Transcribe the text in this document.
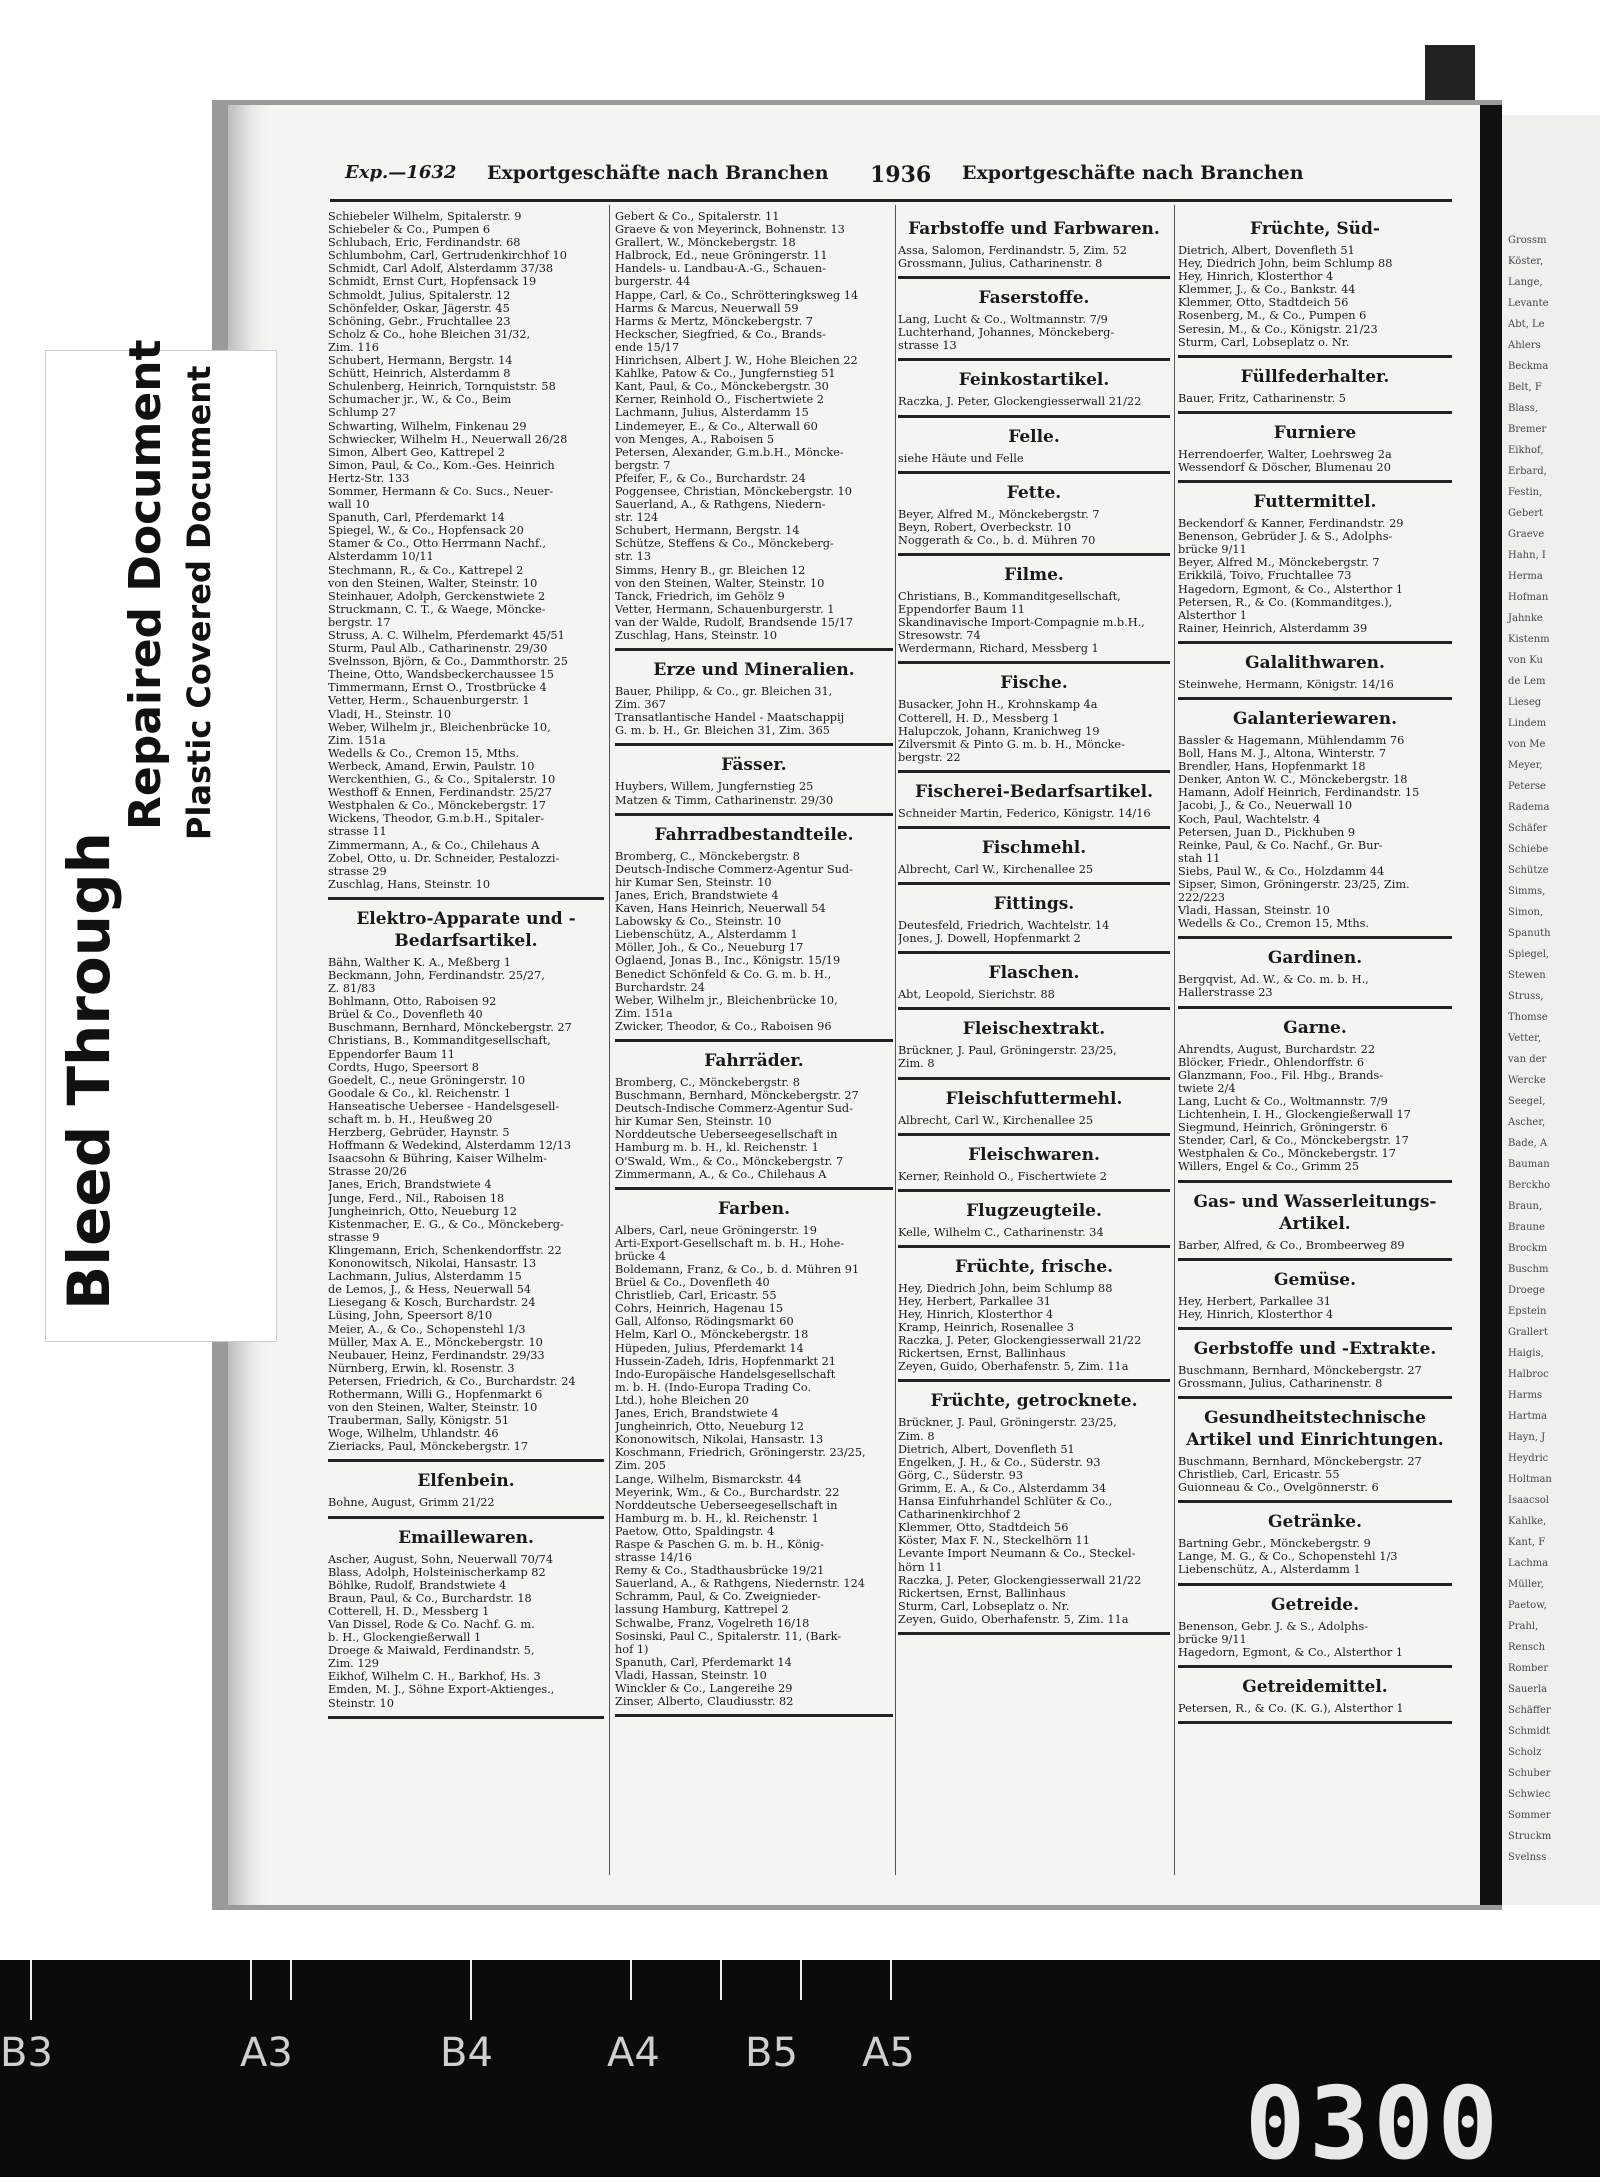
Grossm
Köster,
Lange,
Levante
Abt, Le
Ahlers
Beckma
Belt, F
Blass,
Bremer
Eikhof,
Erbard,
Festin,
Gebert
Graeve
Hahn, I
Herma
Hofman
Jahnke
Kistenm
von Ku
de Lem
Lieseg
Lindem
von Me
Meyer,
Peterse
Radema
Schäfer
Schiebe
Schütze
Simms,
Simon,
Spanuth
Spiegel,
Stewen
Struss,
Thomse
Vetter,
van der
Wercke
Seegel,
Ascher,
Bade, A
Bauman
Berckho
Braun,
Braune
Brockm
Buschm
Droege
Epstein
Grallert
Haigis,
Halbroc
Harms
Hartma
Hayn, J
Heydric
Holtman
Isaacsol
Kahlke,
Kant, F
Lachma
Müller,
Paetow,
Prahl,
Rensch
Romber
Sauerla
Schäffer
Schmidt
Scholz
Schuber
Schwiec
Sommer
Struckm
Svelnss
Exp.—1632 Exportgeschäfte nach Branchen 1936 Exportgeschäfte nach Branchen
Schiebeler Wilhelm, Spitalerstr. 9
Schiebeler & Co., Pumpen 6
Schlubach, Eric, Ferdinandstr. 68
Schlumbohm, Carl, Gertrudenkirchhof 10
Schmidt, Carl Adolf, Alsterdamm 37/38
Schmidt, Ernst Curt, Hopfensack 19
Schmoldt, Julius, Spitalerstr. 12
Schönfelder, Oskar, Jägerstr. 45
Schöning, Gebr., Fruchtallee 23
Scholz & Co., hohe Bleichen 31/32,
Zim. 116
Schubert, Hermann, Bergstr. 14
Schütt, Heinrich, Alsterdamm 8
Schulenberg, Heinrich, Tornquiststr. 58
Schumacher jr., W., & Co., Beim
Schlump 27
Schwarting, Wilhelm, Finkenau 29
Schwiecker, Wilhelm H., Neuerwall 26/28
Simon, Albert Geo, Kattrepel 2
Simon, Paul, & Co., Kom.-Ges. Heinrich
Hertz-Str. 133
Sommer, Hermann & Co. Sucs., Neuer-
wall 10
Spanuth, Carl, Pferdemarkt 14
Spiegel, W., & Co., Hopfensack 20
Stamer & Co., Otto Herrmann Nachf.,
Alsterdamm 10/11
Stechmann, R., & Co., Kattrepel 2
von den Steinen, Walter, Steinstr. 10
Steinhauer, Adolph, Gerckenstwiete 2
Struckmann, C. T., & Waege, Möncke-
bergstr. 17
Struss, A. C. Wilhelm, Pferdemarkt 45/51
Sturm, Paul Alb., Catharinenstr. 29/30
Svelnsson, Björn, & Co., Dammthorstr. 25
Theine, Otto, Wandsbeckerchaussee 15
Timmermann, Ernst O., Trostbrücke 4
Vetter, Herm., Schauenburgerstr. 1
Vladi, H., Steinstr. 10
Weber, Wilhelm jr., Bleichenbrücke 10,
Zim. 151a
Wedells & Co., Cremon 15, Mths.
Werbeck, Amand, Erwin, Paulstr. 10
Werckenthien, G., & Co., Spitalerstr. 10
Westhoff & Ennen, Ferdinandstr. 25/27
Westphalen & Co., Mönckebergstr. 17
Wickens, Theodor, G.m.b.H., Spitaler-
strasse 11
Zimmermann, A., & Co., Chilehaus A
Zobel, Otto, u. Dr. Schneider, Pestalozzi-
strasse 29
Zuschlag, Hans, Steinstr. 10
Elektro-Apparate und -Bedarfsartikel.
Bähn, Walther K. A., Meßberg 1
Beckmann, John, Ferdinandstr. 25/27,
Z. 81/83
Bohlmann, Otto, Raboisen 92
Brüel & Co., Dovenfleth 40
Buschmann, Bernhard, Mönckebergstr. 27
Christians, B., Kommanditgesellschaft,
Eppendorfer Baum 11
Cordts, Hugo, Speersort 8
Goedelt, C., neue Gröningerstr. 10
Goodale & Co., kl. Reichenstr. 1
Hanseatische Uebersee - Handelsgesell-
schaft m. b. H., Heußweg 20
Herzberg, Gebrüder, Haynstr. 5
Hoffmann & Wedekind, Alsterdamm 12/13
Isaacsohn & Bühring, Kaiser Wilhelm-
Strasse 20/26
Janes, Erich, Brandstwiete 4
Junge, Ferd., Nil., Raboisen 18
Jungheinrich, Otto, Neueburg 12
Kistenmacher, E. G., & Co., Mönckeberg-
strasse 9
Klingemann, Erich, Schenkendorffstr. 22
Kononowitsch, Nikolai, Hansastr. 13
Lachmann, Julius, Alsterdamm 15
de Lemos, J., & Hess, Neuerwall 54
Liesegang & Kosch, Burchardstr. 24
Lüsing, John, Speersort 8/10
Meier, A., & Co., Schopenstehl 1/3
Müller, Max A. E., Mönckebergstr. 10
Neubauer, Heinz, Ferdinandstr. 29/33
Nürnberg, Erwin, kl. Rosenstr. 3
Petersen, Friedrich, & Co., Burchardstr. 24
Rothermann, Willi G., Hopfenmarkt 6
von den Steinen, Walter, Steinstr. 10
Trauberman, Sally, Königstr. 51
Woge, Wilhelm, Uhlandstr. 46
Zieriacks, Paul, Mönckebergstr. 17
Elfenbein.
Bohne, August, Grimm 21/22
Emaillewaren.
Ascher, August, Sohn, Neuerwall 70/74
Blass, Adolph, Holsteinischerkamp 82
Böhlke, Rudolf, Brandstwiete 4
Braun, Paul, & Co., Burchardstr. 18
Cotterell, H. D., Messberg 1
Van Dissel, Rode & Co. Nachf. G. m.
b. H., Glockengießerwall 1
Droege & Maiwald, Ferdinandstr. 5,
Zim. 129
Eikhof, Wilhelm C. H., Barkhof, Hs. 3
Emden, M. J., Söhne Export-Aktienges.,
Steinstr. 10
Gebert & Co., Spitalerstr. 11
Graeve & von Meyerinck, Bohnenstr. 13
Grallert, W., Mönckebergstr. 18
Halbrock, Ed., neue Gröningerstr. 11
Handels- u. Landbau-A.-G., Schauen-
burgerstr. 44
Happe, Carl, & Co., Schrötteringksweg 14
Harms & Marcus, Neuerwall 59
Harms & Mertz, Mönckebergstr. 7
Heckscher, Siegfried, & Co., Brands-
ende 15/17
Hinrichsen, Albert J. W., Hohe Bleichen 22
Kahlke, Patow & Co., Jungfernstieg 51
Kant, Paul, & Co., Mönckebergstr. 30
Kerner, Reinhold O., Fischertwiete 2
Lachmann, Julius, Alsterdamm 15
Lindemeyer, E., & Co., Alterwall 60
von Menges, A., Raboisen 5
Petersen, Alexander, G.m.b.H., Möncke-
bergstr. 7
Pfeifer, F., & Co., Burchardstr. 24
Poggensee, Christian, Mönckebergstr. 10
Sauerland, A., & Rathgens, Niedern-
str. 124
Schubert, Hermann, Bergstr. 14
Schütze, Steffens & Co., Mönckeberg-
str. 13
Simms, Henry B., gr. Bleichen 12
von den Steinen, Walter, Steinstr. 10
Tanck, Friedrich, im Gehölz 9
Vetter, Hermann, Schauenburgerstr. 1
van der Walde, Rudolf, Brandsende 15/17
Zuschlag, Hans, Steinstr. 10
Erze und Mineralien.
Bauer, Philipp, & Co., gr. Bleichen 31,
Zim. 367
Transatlantische Handel - Maatschappij
G. m. b. H., Gr. Bleichen 31, Zim. 365
Fässer.
Huybers, Willem, Jungfernstieg 25
Matzen & Timm, Catharinenstr. 29/30
Fahrradbestandteile.
Bromberg, C., Mönckebergstr. 8
Deutsch-Indische Commerz-Agentur Sud-
hir Kumar Sen, Steinstr. 10
Janes, Erich, Brandstwiete 4
Kaven, Hans Heinrich, Neuerwall 54
Labowsky & Co., Steinstr. 10
Liebenschütz, A., Alsterdamm 1
Möller, Joh., & Co., Neueburg 17
Oglaend, Jonas B., Inc., Königstr. 15/19
Benedict Schönfeld & Co. G. m. b. H.,
Burchardstr. 24
Weber, Wilhelm jr., Bleichenbrücke 10,
Zim. 151a
Zwicker, Theodor, & Co., Raboisen 96
Fahrräder.
Bromberg, C., Mönckebergstr. 8
Buschmann, Bernhard, Mönckebergstr. 27
Deutsch-Indische Commerz-Agentur Sud-
hir Kumar Sen, Steinstr. 10
Norddeutsche Ueberseegesellschaft in
Hamburg m. b. H., kl. Reichenstr. 1
O'Swald, Wm., & Co., Mönckebergstr. 7
Zimmermann, A., & Co., Chilehaus A
Farben.
Albers, Carl, neue Gröningerstr. 19
Arti-Export-Gesellschaft m. b. H., Hohe-
brücke 4
Boldemann, Franz, & Co., b. d. Mühren 91
Brüel & Co., Dovenfleth 40
Christlieb, Carl, Ericastr. 55
Cohrs, Heinrich, Hagenau 15
Gall, Alfonso, Rödingsmarkt 60
Helm, Karl O., Mönckebergstr. 18
Hüpeden, Julius, Pferdemarkt 14
Hussein-Zadeh, Idris, Hopfenmarkt 21
Indo-Europäische Handelsgesellschaft
m. b. H. (Indo-Europa Trading Co.
Ltd.), hohe Bleichen 20
Janes, Erich, Brandstwiete 4
Jungheinrich, Otto, Neueburg 12
Kononowitsch, Nikolai, Hansastr. 13
Koschmann, Friedrich, Gröningerstr. 23/25,
Zim. 205
Lange, Wilhelm, Bismarckstr. 44
Meyerink, Wm., & Co., Burchardstr. 22
Norddeutsche Ueberseegesellschaft in
Hamburg m. b. H., kl. Reichenstr. 1
Paetow, Otto, Spaldingstr. 4
Raspe & Paschen G. m. b. H., König-
strasse 14/16
Remy & Co., Stadthausbrücke 19/21
Sauerland, A., & Rathgens, Niedernstr. 124
Schramm, Paul, & Co. Zweignieder-
lassung Hamburg, Kattrepel 2
Schwalbe, Franz, Vogelreth 16/18
Sosinski, Paul C., Spitalerstr. 11, (Bark-
hof 1)
Spanuth, Carl, Pferdemarkt 14
Vladi, Hassan, Steinstr. 10
Winckler & Co., Langereihe 29
Zinser, Alberto, Claudiusstr. 82
Farbstoffe und Farbwaren.
Assa, Salomon, Ferdinandstr. 5, Zim. 52
Grossmann, Julius, Catharinenstr. 8
Faserstoffe.
Lang, Lucht & Co., Woltmannstr. 7/9
Luchterhand, Johannes, Mönckeberg-
strasse 13
Feinkostartikel.
Raczka, J. Peter, Glockengiesserwall 21/22
Felle.
siehe Häute und Felle
Fette.
Beyer, Alfred M., Mönckebergstr. 7
Beyn, Robert, Overbeckstr. 10
Noggerath & Co., b. d. Mühren 70
Filme.
Christians, B., Kommanditgesellschaft,
Eppendorfer Baum 11
Skandinavische Import-Compagnie m.b.H.,
Stresowstr. 74
Werdermann, Richard, Messberg 1
Fische.
Busacker, John H., Krohnskamp 4a
Cotterell, H. D., Messberg 1
Halupczok, Johann, Kranichweg 19
Zilversmit & Pinto G. m. b. H., Möncke-
bergstr. 22
Fischerei-Bedarfsartikel.
Schneider Martin, Federico, Königstr. 14/16
Fischmehl.
Albrecht, Carl W., Kirchenallee 25
Fittings.
Deutesfeld, Friedrich, Wachtelstr. 14
Jones, J. Dowell, Hopfenmarkt 2
Flaschen.
Abt, Leopold, Sierichstr. 88
Fleischextrakt.
Brückner, J. Paul, Gröningerstr. 23/25,
Zim. 8
Fleischfuttermehl.
Albrecht, Carl W., Kirchenallee 25
Fleischwaren.
Kerner, Reinhold O., Fischertwiete 2
Flugzeugteile.
Kelle, Wilhelm C., Catharinenstr. 34
Früchte, frische.
Hey, Diedrich John, beim Schlump 88
Hey, Herbert, Parkallee 31
Hey, Hinrich, Klosterthor 4
Kramp, Heinrich, Rosenallee 3
Raczka, J. Peter, Glockengiesserwall 21/22
Rickertsen, Ernst, Ballinhaus
Zeyen, Guido, Oberhafenstr. 5, Zim. 11a
Früchte, getrocknete.
Brückner, J. Paul, Gröningerstr. 23/25,
Zim. 8
Dietrich, Albert, Dovenfleth 51
Engelken, J. H., & Co., Süderstr. 93
Görg, C., Süderstr. 93
Grimm, E. A., & Co., Alsterdamm 34
Hansa Einfuhrhandel Schlüter & Co.,
Catharinenkirchhof 2
Klemmer, Otto, Stadtdeich 56
Köster, Max F. N., Steckelhörn 11
Levante Import Neumann & Co., Steckel-
hörn 11
Raczka, J. Peter, Glockengiesserwall 21/22
Rickertsen, Ernst, Ballinhaus
Sturm, Carl, Lobseplatz o. Nr.
Zeyen, Guido, Oberhafenstr. 5, Zim. 11a
Früchte, Süd-
Dietrich, Albert, Dovenfleth 51
Hey, Diedrich John, beim Schlump 88
Hey, Hinrich, Klosterthor 4
Klemmer, J., & Co., Bankstr. 44
Klemmer, Otto, Stadtdeich 56
Rosenberg, M., & Co., Pumpen 6
Seresin, M., & Co., Königstr. 21/23
Sturm, Carl, Lobseplatz o. Nr.
Füllfederhalter.
Bauer, Fritz, Catharinenstr. 5
Furniere
Herrendoerfer, Walter, Loehrsweg 2a
Wessendorf & Döscher, Blumenau 20
Futtermittel.
Beckendorf & Kanner, Ferdinandstr. 29
Benenson, Gebrüder J. & S., Adolphs-
brücke 9/11
Beyer, Alfred M., Mönckebergstr. 7
Erikkilä, Toivo, Fruchtallee 73
Hagedorn, Egmont, & Co., Alsterthor 1
Petersen, R., & Co. (Kommanditges.),
Alsterthor 1
Rainer, Heinrich, Alsterdamm 39
Galalithwaren.
Steinwehe, Hermann, Königstr. 14/16
Galanteriewaren.
Bassler & Hagemann, Mühlendamm 76
Boll, Hans M. J., Altona, Winterstr. 7
Brendler, Hans, Hopfenmarkt 18
Denker, Anton W. C., Mönckebergstr. 18
Hamann, Adolf Heinrich, Ferdinandstr. 15
Jacobi, J., & Co., Neuerwall 10
Koch, Paul, Wachtelstr. 4
Petersen, Juan D., Pickhuben 9
Reinke, Paul, & Co. Nachf., Gr. Bur-
stah 11
Siebs, Paul W., & Co., Holzdamm 44
Sipser, Simon, Gröningerstr. 23/25, Zim.
222/223
Vladi, Hassan, Steinstr. 10
Wedells & Co., Cremon 15, Mths.
Gardinen.
Bergqvist, Ad. W., & Co. m. b. H.,
Hallerstrasse 23
Garne.
Ahrendts, August, Burchardstr. 22
Blöcker, Friedr., Ohlendorffstr. 6
Glanzmann, Foo., Fil. Hbg., Brands-
twiete 2/4
Lang, Lucht & Co., Woltmannstr. 7/9
Lichtenhein, I. H., Glockengießerwall 17
Siegmund, Heinrich, Gröningerstr. 6
Stender, Carl, & Co., Mönckebergstr. 17
Westphalen & Co., Mönckebergstr. 17
Willers, Engel & Co., Grimm 25
Gas- und Wasserleitungs-Artikel.
Barber, Alfred, & Co., Brombeerweg 89
Gemüse.
Hey, Herbert, Parkallee 31
Hey, Hinrich, Klosterthor 4
Gerbstoffe und -Extrakte.
Buschmann, Bernhard, Mönckebergstr. 27
Grossmann, Julius, Catharinenstr. 8
Gesundheitstechnische Artikel und Einrichtungen.
Buschmann, Bernhard, Mönckebergstr. 27
Christlieb, Carl, Ericastr. 55
Guionneau & Co., Ovelgönnerstr. 6
Getränke.
Bartning Gebr., Mönckebergstr. 9
Lange, M. G., & Co., Schopenstehl 1/3
Liebenschütz, A., Alsterdamm 1
Getreide.
Benenson, Gebr. J. & S., Adolphs-
brücke 9/11
Hagedorn, Egmont, & Co., Alsterthor 1
Getreidemittel.
Petersen, R., & Co. (K. G.), Alsterthor 1
Bleed Through
Repaired Document Plastic Covered Document
B3	A3	B4	A4 B5 A5
0300
